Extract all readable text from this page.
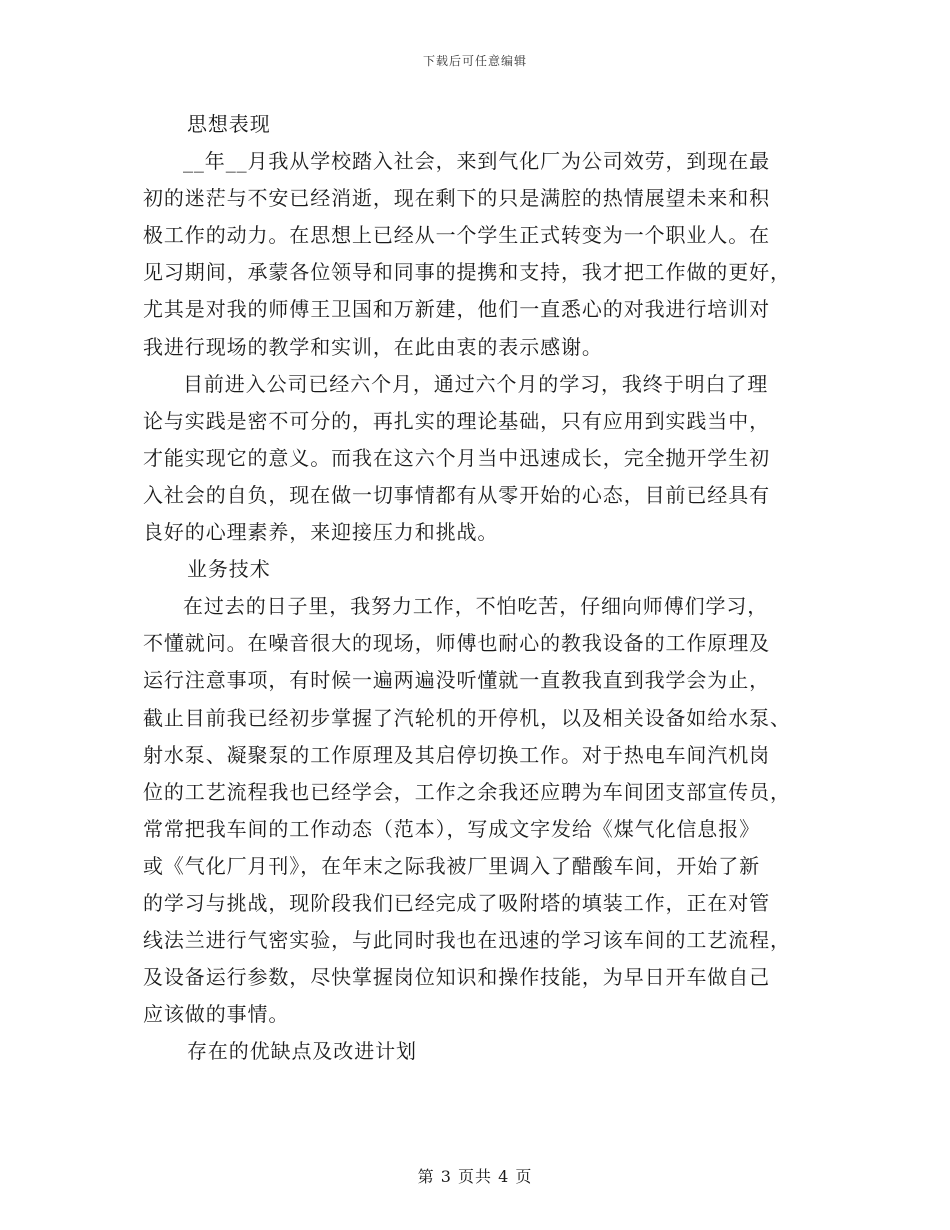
下载后可任意编辑

思想表现

__年__月我从学校踏入社会，来到气化厂为公司效劳，到现在最
初的迷茫与不安已经消逝，现在剩下的只是满腔的热情展望未来和积
极工作的动力。在思想上已经从一个学生正式转变为一个职业人。在
见习期间，承蒙各位领导和同事的提携和支持，我才把工作做的更好，
尤其是对我的师傅王卫国和万新建，他们一直悉心的对我进行培训对
我进行现场的教学和实训，在此由衷的表示感谢。

目前进入公司已经六个月，通过六个月的学习，我终于明白了理
论与实践是密不可分的，再扎实的理论基础，只有应用到实践当中，
才能实现它的意义。而我在这六个月当中迅速成长，完全抛开学生初
入社会的自负，现在做一切事情都有从零开始的心态，目前已经具有
良好的心理素养，来迎接压力和挑战。

业务技术

在过去的日子里，我努力工作，不怕吃苦，仔细向师傅们学习，
不懂就问。在噪音很大的现场，师傅也耐心的教我设备的工作原理及
运行注意事项，有时候一遍两遍没听懂就一直教我直到我学会为止，
截止目前我已经初步掌握了汽轮机的开停机，以及相关设备如给水泵、
射水泵、凝聚泵的工作原理及其启停切换工作。对于热电车间汽机岗
位的工艺流程我也已经学会，工作之余我还应聘为车间团支部宣传员，
常常把我车间的工作动态（范本），写成文字发给《煤气化信息报》
或《气化厂月刊》，在年末之际我被厂里调入了醋酸车间，开始了新
的学习与挑战，现阶段我们已经完成了吸附塔的填装工作，正在对管
线法兰进行气密实验，与此同时我也在迅速的学习该车间的工艺流程，
及设备运行参数，尽快掌握岗位知识和操作技能，为早日开车做自己
应该做的事情。

存在的优缺点及改进计划

第 3 页共 4 页
